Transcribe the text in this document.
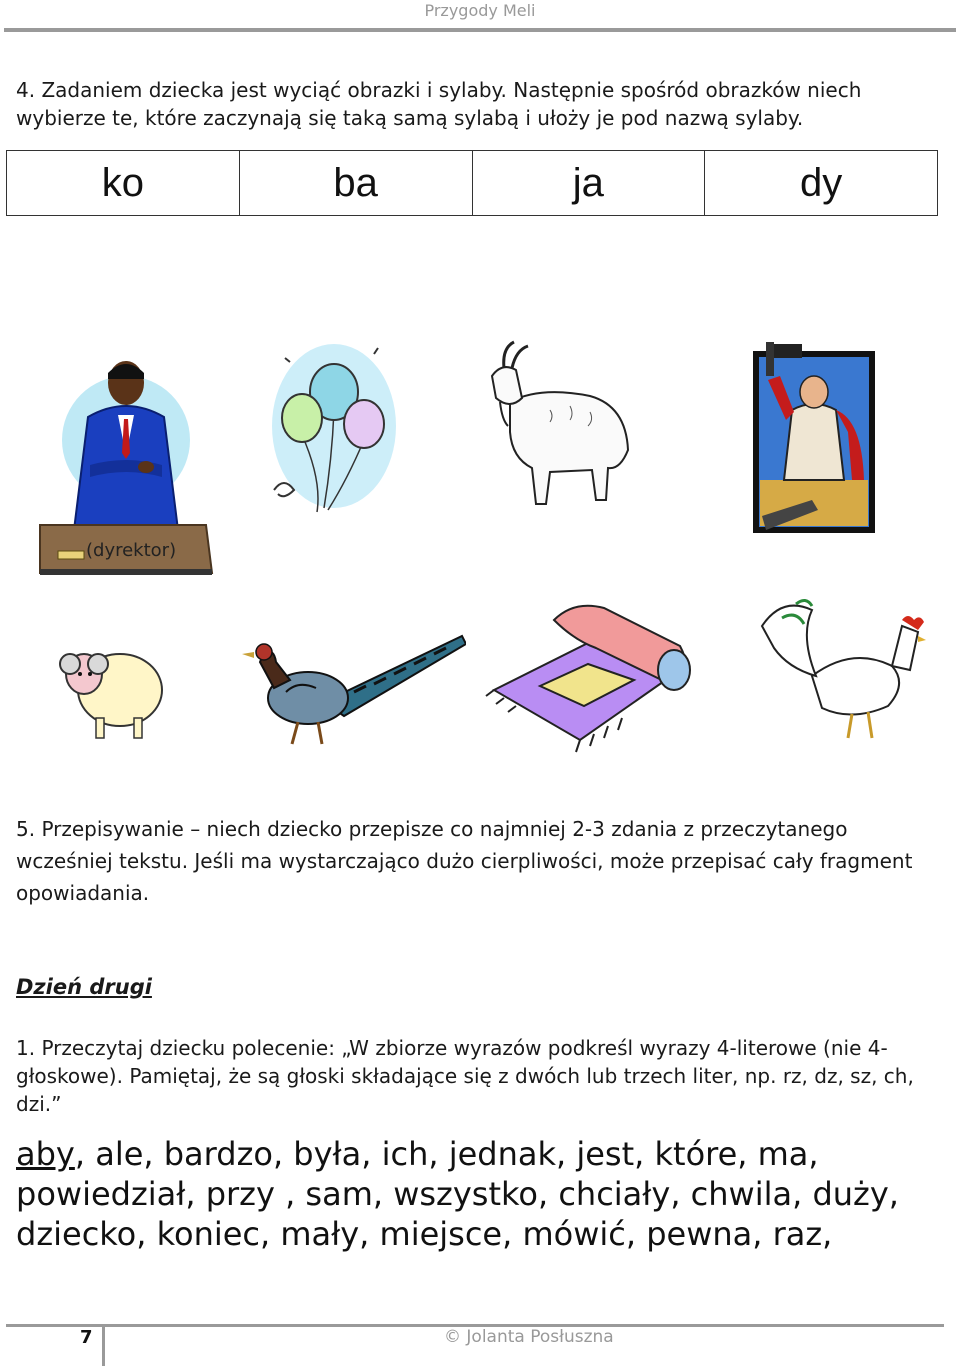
Przygody Meli
4. Zadaniem dziecka jest wyciąć obrazki i sylaby. Następnie spośród obrazków niech wybierze te, które zaczynają się taką samą sylabą i ułoży je pod nazwą sylaby.
ko	ba	ja	dy
(dyrektor)
5. Przepisywanie – niech dziecko przepisze co najmniej 2-3 zdania z przeczytanego wcześniej tekstu. Jeśli ma wystarczająco dużo cierpliwości, może przepisać cały fragment opowiadania.
Dzień drugi
1. Przeczytaj dziecku polecenie: „W zbiorze wyrazów podkreśl wyrazy 4-literowe (nie 4-głoskowe). Pamiętaj, że są głoski składające się z dwóch lub trzech liter, np. rz, dz, sz, ch, dzi.”
aby, ale, bardzo, była, ich, jednak, jest, które, ma, powiedział, przy , sam, wszystko, chciały, chwila, duży, dziecko, koniec, mały, miejsce, mówić, pewna, raz,
7	© Jolanta Posłuszna
